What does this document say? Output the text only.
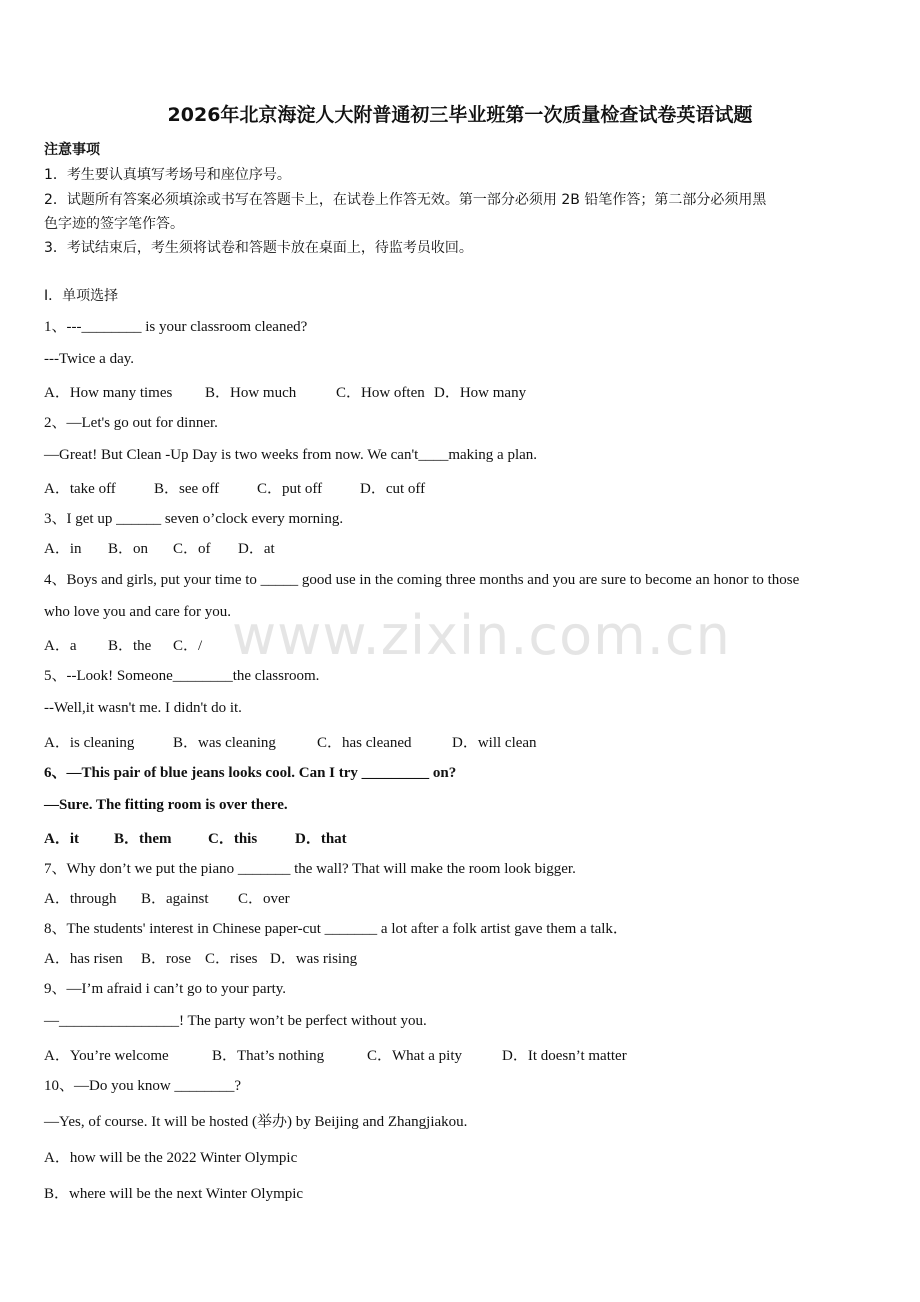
2026年北京海淀人大附普通初三毕业班第一次质量检查试卷英语试题
注意事项
1．考生要认真填写考场号和座位序号。
2．试题所有答案必须填涂或书写在答题卡上，在试卷上作答无效。第一部分必须用 2B 铅笔作答；第二部分必须用黑
色字迹的签字笔作答。
3．考试结束后，考生须将试卷和答题卡放在桌面上，待监考员收回。
Ⅰ．单项选择
1、---________ is your classroom cleaned?
---Twice a day.
A．How many times B．How much	C．How often D．How many
2、—Let's go out for dinner.
—Great! But Clean -Up Day is two weeks from now. We can't____making a plan.
A．take off	B．see off	C．put off	D．cut off
3、I get up ______ seven o’clock every morning.
A．in B．on C．of D．at
4、Boys and girls, put your time to _____ good use in the coming three months and you are sure to become an honor to those
who love you and care for you.
A．a B．the C．/
5、--Look! Someone________the classroom.
--Well,it wasn't me. I didn't do it.
A．is cleaning	B．was cleaning	C．has cleaned	D．will clean
6、—This pair of blue jeans looks cool. Can I try _________ on?
—Sure. The fitting room is over there.
A．it B．them C．this	D．that
7、Why don’t we put the piano _______ the wall? That will make the room look bigger.
A．through B．against C．over
8、The students' interest in Chinese paper-cut _______ a lot after a folk artist gave them a talk．
A．has risen B．rose C．rises D．was rising
9、—I’m afraid i can’t go to your party.
—________________! The party won’t be perfect without you.
A．You’re welcome	B．That’s nothing	C．What a pity	D．It doesn’t matter
10、—Do you know ________?
—Yes, of course. It will be hosted (举办) by Beijing and Zhangjiakou.
A．how will be the 2022 Winter Olympic
B．where will be the next Winter Olympic
www.zixin.com.cn
